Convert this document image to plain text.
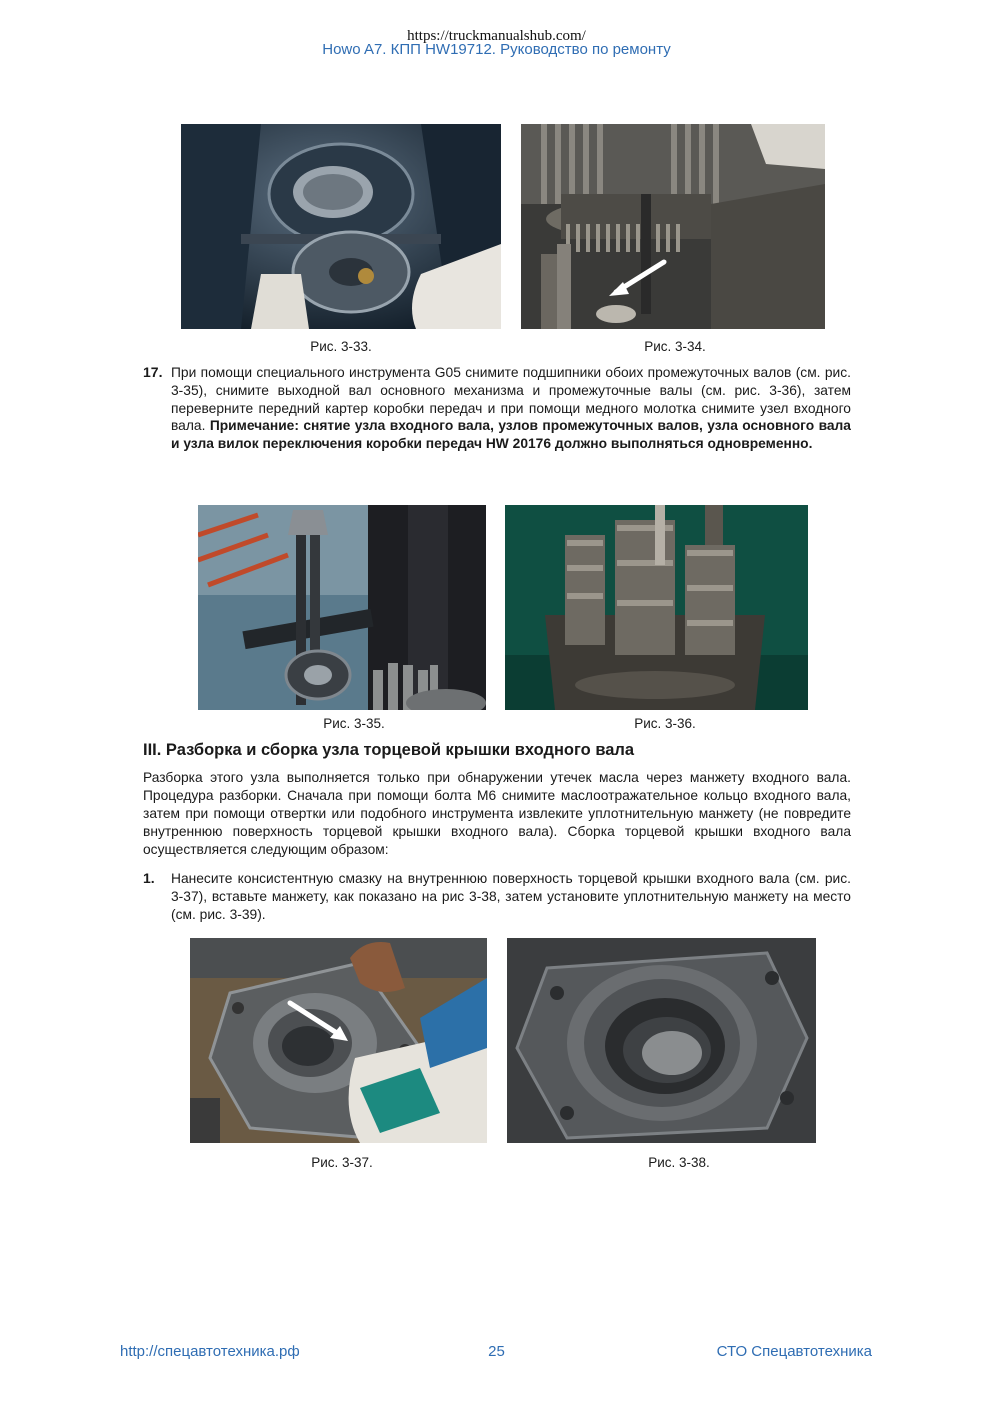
https://truckmanualshub.com/
Howo A7. КПП HW19712. Руководство по ремонту
Рис. 3-33.	Рис. 3-34.
17. При помощи специального инструмента G05 снимите подшипники обоих промежуточных валов (см. рис. 3-35), снимите выходной вал основного механизма и промежуточные валы (см. рис. 3-36), затем переверните передний картер коробки передач и при помощи медного молотка снимите узел входного вала. Примечание: снятие узла входного вала, узлов промежуточных валов, узла основного вала и узла вилок переключения коробки передач HW 20176 должно выполняться одновременно.
Рис. 3-35.	Рис. 3-36.
III. Разборка и сборка узла торцевой крышки входного вала
Разборка этого узла выполняется только при обнаружении утечек масла через манжету входного вала. Процедура разборки. Сначала при помощи болта М6 снимите маслоотражательное кольцо входного вала, затем при помощи отвертки или подобного инструмента извлеките уплотнительную манжету (не повредите внутреннюю поверхность торцевой крышки входного вала). Сборка торцевой крышки входного вала осуществляется следующим образом:
1. Нанесите консистентную смазку на внутреннюю поверхность торцевой крышки входного вала (см. рис. 3-37), вставьте манжету, как показано на рис 3-38, затем установите уплотнительную манжету на место (см. рис. 3-39).
Рис. 3-37.	Рис. 3-38.
http://спецавтотехника.рф	25	СТО Спецавтотехника
